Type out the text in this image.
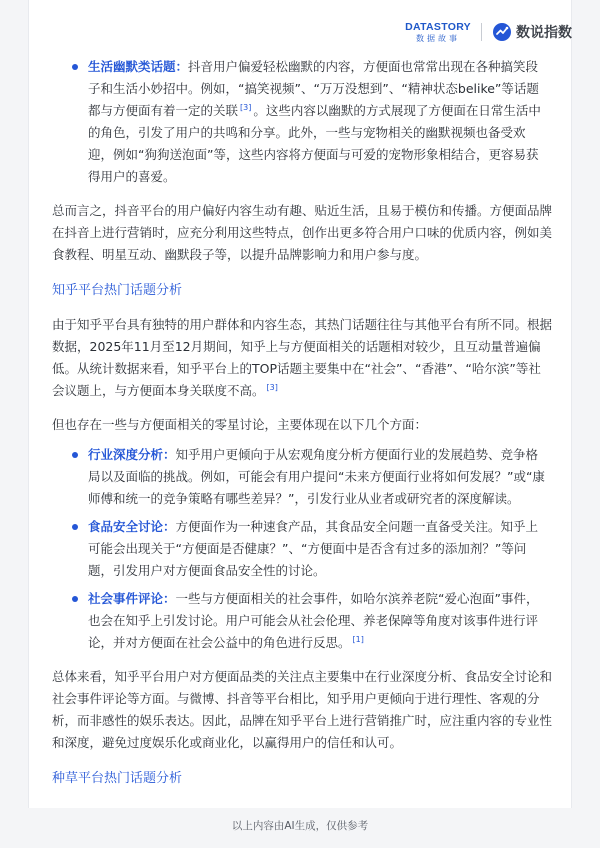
DATASTORY
数据故事	数说指数
生活幽默类话题：抖音用户偏爱轻松幽默的内容，方便面也常常出现在各种搞笑段子和生活小妙招中。例如，“搞笑视频”、“万万没想到”、“精神状态belike”等话题都与方便面有着一定的关联 [3] 。这些内容以幽默的方式展现了方便面在日常生活中的角色，引发了用户的共鸣和分享。此外，一些与宠物相关的幽默视频也备受欢迎，例如“狗狗送泡面”等，这些内容将方便面与可爱的宠物形象相结合，更容易获得用户的喜爱。

总而言之，抖音平台的用户偏好内容生动有趣、贴近生活，且易于模仿和传播。方便面品牌在抖音上进行营销时，应充分利用这些特点，创作出更多符合用户口味的优质内容，例如美食教程、明星互动、幽默段子等，以提升品牌影响力和用户参与度。

知乎平台热门话题分析

由于知乎平台具有独特的用户群体和内容生态，其热门话题往往与其他平台有所不同。根据数据，2025年11月至12月期间，知乎上与方便面相关的话题相对较少，且互动量普遍偏低。从统计数据来看，知乎平台上的TOP话题主要集中在“社会”、“香港”、“哈尔滨”等社会议题上，与方便面本身关联度不高。 [3]

但也存在一些与方便面相关的零星讨论，主要体现在以下几个方面：

行业深度分析：知乎用户更倾向于从宏观角度分析方便面行业的发展趋势、竞争格局以及面临的挑战。例如，可能会有用户提问“未来方便面行业将如何发展？”或“康师傅和统一的竞争策略有哪些差异？”，引发行业从业者或研究者的深度解读。
食品安全讨论：方便面作为一种速食产品，其食品安全问题一直备受关注。知乎上可能会出现关于“方便面是否健康？”、“方便面中是否含有过多的添加剂？”等问题，引发用户对方便面食品安全性的讨论。
社会事件评论：一些与方便面相关的社会事件，如哈尔滨养老院“爱心泡面”事件，也会在知乎上引发讨论。用户可能会从社会伦理、养老保障等角度对该事件进行评论，并对方便面在社会公益中的角色进行反思。 [1]

总体来看，知乎平台用户对方便面品类的关注点主要集中在行业深度分析、食品安全讨论和社会事件评论等方面。与微博、抖音等平台相比，知乎用户更倾向于进行理性、客观的分析，而非感性的娱乐表达。因此，品牌在知乎平台上进行营销推广时，应注重内容的专业性和深度，避免过度娱乐化或商业化，以赢得用户的信任和认可。

种草平台热门话题分析
以上内容由AI生成，仅供参考
